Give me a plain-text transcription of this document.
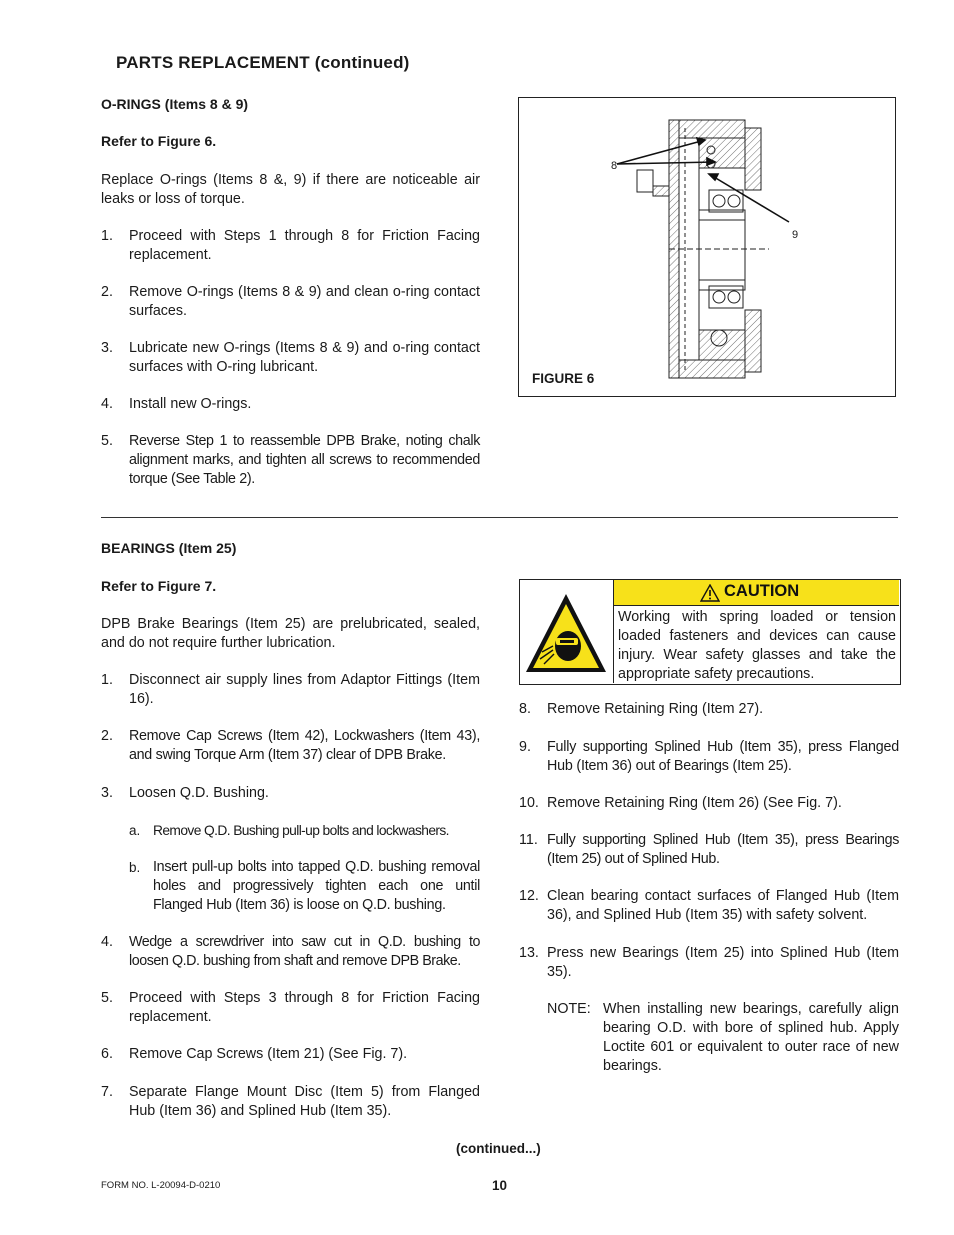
PARTS REPLACEMENT (continued)
O-RINGS (Items 8 & 9)
Refer to Figure 6.

Replace O-rings (Items 8 &, 9) if there are noticeable air leaks or loss of torque.

1. Proceed with Steps 1 through 8 for Friction Facing replacement.
2. Remove O-rings (Items 8 & 9) and clean o-ring contact surfaces.
3. Lubricate new O-rings (Items 8 & 9) and o-ring contact surfaces with O-ring lubricant.
4. Install new O-rings.
5. Reverse Step 1 to reassemble DPB Brake, noting chalk alignment marks, and tighten all screws to recommended torque (See Table 2).
8
9
FIGURE 6
BEARINGS (Item 25)
Refer to Figure 7.

DPB Brake Bearings (Item 25) are prelubricated, sealed, and do not require further lubrication.

1. Disconnect air supply lines from Adaptor Fittings (Item 16).
2. Remove Cap Screws (Item 42), Lockwashers (Item 43), and swing Torque Arm (Item 37) clear of DPB Brake.
3. Loosen Q.D. Bushing.
a. Remove Q.D. Bushing pull-up bolts and lockwashers.
b. Insert pull-up bolts into tapped Q.D. bushing removal holes and progressively tighten each one until Flanged Hub (Item 36) is loose on Q.D. bushing.
4. Wedge a screwdriver into saw cut in Q.D. bushing to loosen Q.D. bushing from shaft and remove DPB Brake.
5. Proceed with Steps 3 through 8 for Friction Facing replacement.
6. Remove Cap Screws (Item 21) (See Fig. 7).
7. Separate Flange Mount Disc (Item 5) from Flanged Hub (Item 36) and Splined Hub (Item 35).
CAUTION
Working with spring loaded or tension loaded fasteners and devices can cause injury. Wear safety glasses and take the appropriate safety precautions.
8. Remove Retaining Ring (Item 27).
9. Fully supporting Splined Hub (Item 35), press Flanged Hub (Item 36) out of Bearings (Item 25).
10. Remove Retaining Ring (Item 26) (See Fig. 7).
11. Fully supporting Splined Hub (Item 35), press Bearings (Item 25) out of Splined Hub.
12. Clean bearing contact surfaces of Flanged Hub (Item 36), and Splined Hub (Item 35) with safety solvent.
13. Press new Bearings (Item 25) into Splined Hub (Item 35).
NOTE: When installing new bearings, carefully align bearing O.D. with bore of splined hub. Apply Loctite 601 or equivalent to outer race of new bearings.
(continued...)
FORM NO. L-20094-D-0210	10
